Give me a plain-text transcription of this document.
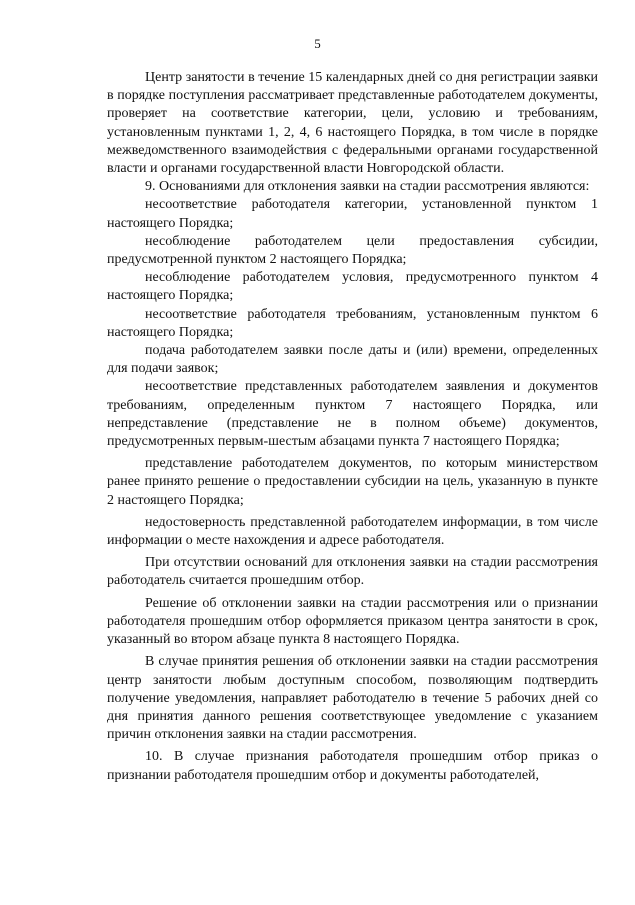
5

Центр занятости в течение 15 календарных дней со дня регистрации заявки в порядке поступления рассматривает представленные работодателем документы, проверяет на соответствие категории, цели, условию и требованиям, установленным пунктами 1, 2, 4, 6 настоящего Порядка, в том числе в порядке межведомственного взаимодействия с федеральными органами государственной власти и органами государственной власти Новгородской области.

9. Основаниями для отклонения заявки на стадии рассмотрения являются:

несоответствие работодателя категории, установленной пунктом 1 настоящего Порядка;

несоблюдение работодателем цели предоставления субсидии, предусмотренной пунктом 2 настоящего Порядка;

несоблюдение работодателем условия, предусмотренного пунктом 4 настоящего Порядка;

несоответствие работодателя требованиям, установленным пунктом 6 настоящего Порядка;

подача работодателем заявки после даты и (или) времени, определенных для подачи заявок;

несоответствие представленных работодателем заявления и документов требованиям, определенным пунктом 7 настоящего Порядка, или непредставление (представление не в полном объеме) документов, предусмотренных первым-шестым абзацами пункта 7 настоящего Порядка;

представление работодателем документов, по которым министерством ранее принято решение о предоставлении субсидии на цель, указанную в пункте 2 настоящего Порядка;

недостоверность представленной работодателем информации, в том числе информации о месте нахождения и адресе работодателя.

При отсутствии оснований для отклонения заявки на стадии рассмотрения работодатель считается прошедшим отбор.

Решение об отклонении заявки на стадии рассмотрения или о признании работодателя прошедшим отбор оформляется приказом центра занятости в срок, указанный во втором абзаце пункта 8 настоящего Порядка.

В случае принятия решения об отклонении заявки на стадии рассмотрения центр занятости любым доступным способом, позволяющим подтвердить получение уведомления, направляет работодателю в течение 5 рабочих дней со дня принятия данного решения соответствующее уведомление с указанием причин отклонения заявки на стадии рассмотрения.

10. В случае признания работодателя прошедшим отбор приказ о признании работодателя прошедшим отбор и документы работодателей,
